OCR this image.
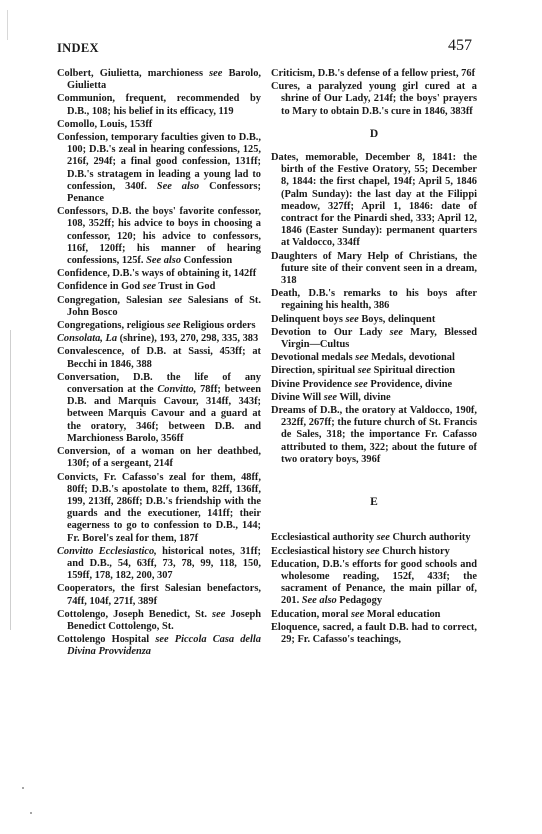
INDEX	457
Colbert, Giulietta, marchioness see Barolo, Giulietta
Communion, frequent, recommended by D.B., 108; his belief in its efficacy, 119
Comollo, Louis, 153ff
Confession, temporary faculties given to D.B., 100; D.B.'s zeal in hearing confessions, 125, 216f, 294f; a final good confession, 131ff; D.B.'s stratagem in leading a young lad to confession, 340f. See also Confessors; Penance
Confessors, D.B. the boys' favorite confessor, 108, 352ff; his advice to boys in choosing a confessor, 120; his advice to confessors, 116f, 120ff; his manner of hearing confessions, 125f. See also Confession
Confidence, D.B.'s ways of obtaining it, 142ff
Confidence in God see Trust in God
Congregation, Salesian see Salesians of St. John Bosco
Congregations, religious see Religious orders
Consolata, La (shrine), 193, 270, 298, 335, 383
Convalescence, of D.B. at Sassi, 453ff; at Becchi in 1846, 388
Conversation, D.B. the life of any conversation at the Convitto, 78ff; between D.B. and Marquis Cavour, 314ff, 343f; between Marquis Cavour and a guard at the oratory, 346f; between D.B. and Marchioness Barolo, 356ff
Conversion, of a woman on her deathbed, 130f; of a sergeant, 214f
Convicts, Fr. Cafasso's zeal for them, 48ff, 80ff; D.B.'s apostolate to them, 82ff, 136ff, 199, 213ff, 286ff; D.B.'s friendship with the guards and the executioner, 141ff; their eagerness to go to confession to D.B., 144; Fr. Borel's zeal for them, 187f
Convitto Ecclesiastico, historical notes, 31ff; and D.B., 54, 63ff, 73, 78, 99, 118, 150, 159ff, 178, 182, 200, 307
Cooperators, the first Salesian benefactors, 74ff, 104f, 271f, 389f
Cottolengo, Joseph Benedict, St. see Joseph Benedict Cottolengo, St.
Cottolengo Hospital see Piccola Casa della Divina Provvidenza
Criticism, D.B.'s defense of a fellow priest, 76f
Cures, a paralyzed young girl cured at a shrine of Our Lady, 214f; the boys' prayers to Mary to obtain D.B.'s cure in 1846, 383ff
D
Dates, memorable, December 8, 1841: the birth of the Festive Oratory, 55; December 8, 1844: the first chapel, 194f; April 5, 1846 (Palm Sunday): the last day at the Filippi meadow, 327ff; April 1, 1846: date of contract for the Pinardi shed, 333; April 12, 1846 (Easter Sunday): permanent quarters at Valdocco, 334ff
Daughters of Mary Help of Christians, the future site of their convent seen in a dream, 318
Death, D.B.'s remarks to his boys after regaining his health, 386
Delinquent boys see Boys, delinquent
Devotion to Our Lady see Mary, Blessed Virgin—Cultus
Devotional medals see Medals, devotional
Direction, spiritual see Spiritual direction
Divine Providence see Providence, divine
Divine Will see Will, divine
Dreams of D.B., the oratory at Valdocco, 190f, 232ff, 267ff; the future church of St. Francis de Sales, 318; the importance Fr. Cafasso attributed to them, 322; about the future of two oratory boys, 396f
E
Ecclesiastical authority see Church authority
Ecclesiastical history see Church history
Education, D.B.'s efforts for good schools and wholesome reading, 152f, 433f; the sacrament of Penance, the main pillar of, 201. See also Pedagogy
Education, moral see Moral education
Eloquence, sacred, a fault D.B. had to correct, 29; Fr. Cafasso's teachings,
